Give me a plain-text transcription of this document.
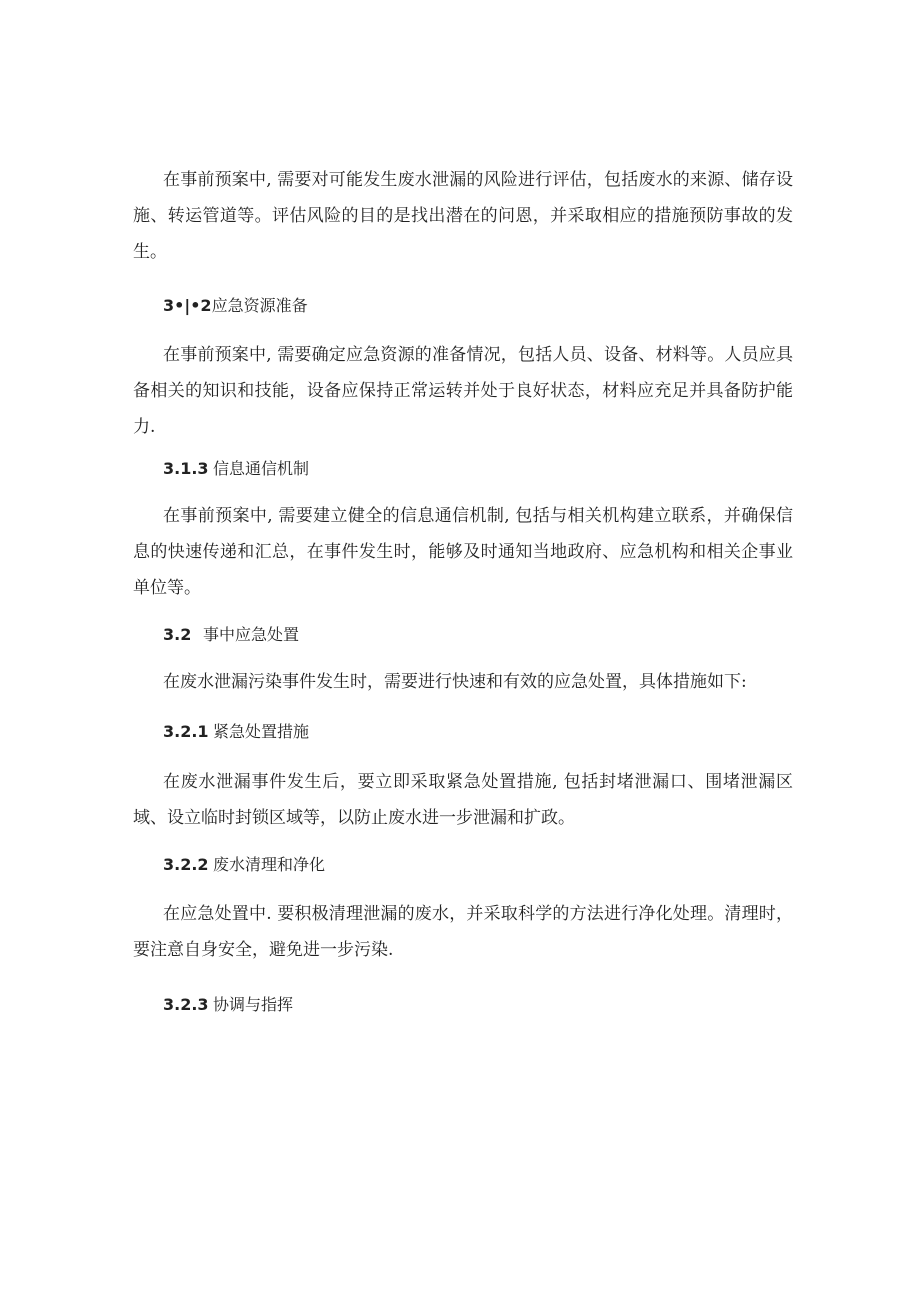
在事前预案中, 需要对可能发生废水泄漏的风险进行评估，包括废水的来源、储存设施、转运管道等。评估风险的目的是找出潜在的问恩，并采取相应的措施预防事故的发生。

3•|•2应急资源准备

在事前预案中, 需要确定应急资源的准备情况，包括人员、设备、材料等。人员应具备相关的知识和技能，设备应保持正常运转并处于良好状态，材料应充足并具备防护能力.

3.1.3 信息通信机制

在事前预案中, 需要建立健全的信息通信机制, 包括与相关机构建立联系，并确保信息的快速传递和汇总，在事件发生时，能够及时通知当地政府、应急机构和相关企事业单位等。

3.2 事中应急处置

在废水泄漏污染事件发生时，需要进行快速和有效的应急处置，具体措施如下:

3.2.1 紧急处置措施

在废水泄漏事件发生后，要立即采取紧急处置措施, 包括封堵泄漏口、围堵泄漏区域、设立临时封锁区域等，以防止废水进一步泄漏和扩政。

3.2.2 废水清理和净化

在应急处置中. 要积极清理泄漏的废水，并采取科学的方法进行净化处理。清理时，要注意自身安全，避免进一步污染.

3.2.3 协调与指挥
